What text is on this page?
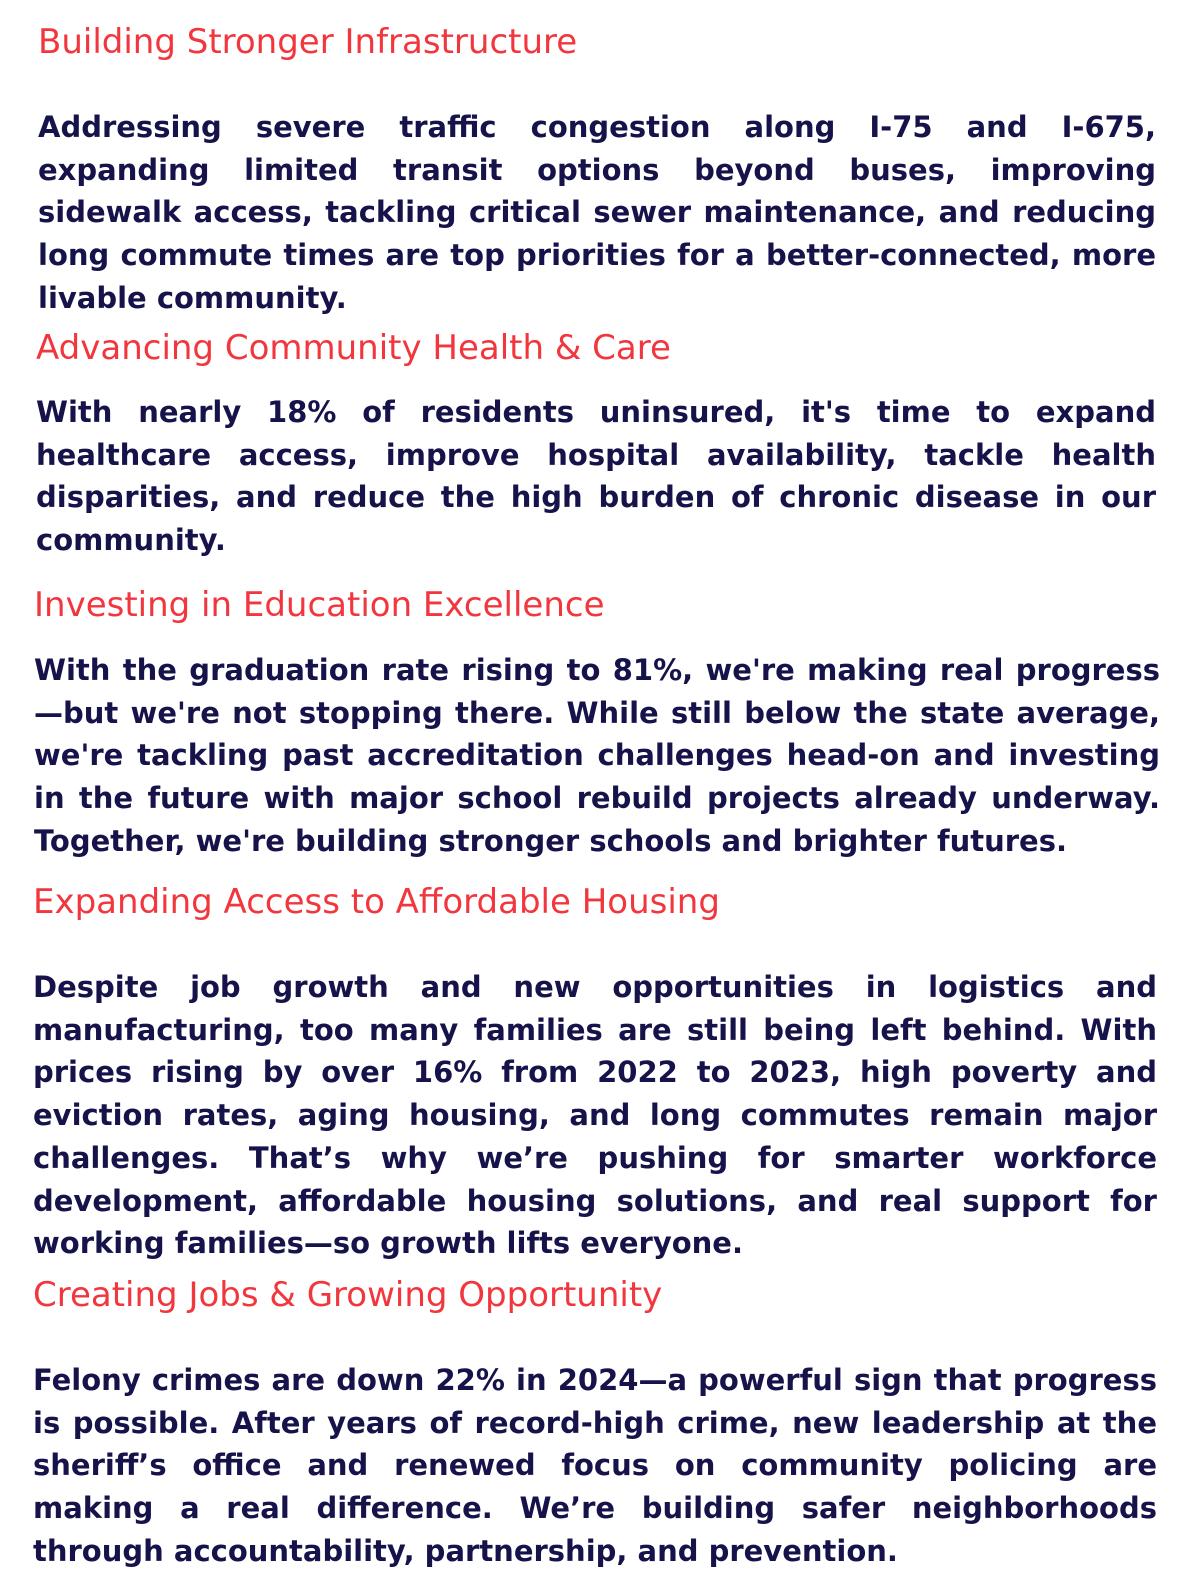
Building Stronger Infrastructure

Addressing severe traffic congestion along I-75 and I-675, expanding limited transit options beyond buses, improving sidewalk access, tackling critical sewer maintenance, and reducing long commute times are top priorities for a better-connected, more livable community.

Advancing Community Health & Care

With nearly 18% of residents uninsured, it's time to expand healthcare access, improve hospital availability, tackle health disparities, and reduce the high burden of chronic disease in our community.

Investing in Education Excellence

With the graduation rate rising to 81%, we're making real progress—but we're not stopping there. While still below the state average, we're tackling past accreditation challenges head-on and investing in the future with major school rebuild projects already underway. Together, we're building stronger schools and brighter futures.

Expanding Access to Affordable Housing

Despite job growth and new opportunities in logistics and manufacturing, too many families are still being left behind. With prices rising by over 16% from 2022 to 2023, high poverty and eviction rates, aging housing, and long commutes remain major challenges. That’s why we’re pushing for smarter workforce development, affordable housing solutions, and real support for working families—so growth lifts everyone.

Creating Jobs & Growing Opportunity

Felony crimes are down 22% in 2024—a powerful sign that progress is possible. After years of record-high crime, new leadership at the sheriff’s office and renewed focus on community policing are making a real difference. We’re building safer neighborhoods through accountability, partnership, and prevention.
